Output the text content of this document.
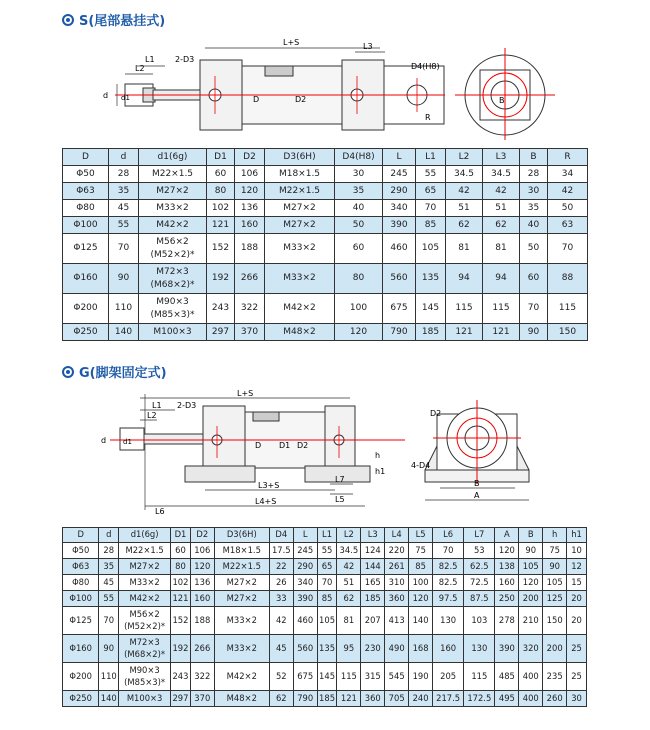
S(尾部悬挂式)
L+S
L1
L2
2-D3
L3
D4(H8)
d d1	D	D2
R
B
D	d	d1(6g)	D1	D2	D3(6H)	D4(H8)	L	L1	L2	L3	B	R

Φ50	28	M22×1.5	60	106	M18×1.5	30	245	55	34.5	34.5	28	34

Φ63	35	M27×2	80	120	M22×1.5	35	290	65	42	42	30	42

Φ80	45	M33×2	102	136	M27×2	40	340	70	51	51	35	50

Φ100	55	M42×2	121	160	M27×2	50	390	85	62	62	40	63

Φ125	70	M56×2
(M52×2)*	152	188	M33×2	60	460	105	81	81	50	70

Φ160	90	M72×3
(M68×2)*	192	266	M33×2	80	560	135	94	94	60	88

Φ200	110	M90×3
(M85×3)*	243	322	M42×2	100	675	145	115	115	70	115

Φ250	140	M100×3	297	370	M48×2	120	790	185	121	121	90	150
G(脚架固定式)
L+S
L1
L2
2-D3
d d1	D D1 D2
L3+S
L4+S
L6
L7
L5
h
h1
D2
4-D4
B
A
D	d	d1(6g)	D1	D2	D3(6H)	D4	L	L1	L2	L3	L4	L5	L6	L7	A	B	h	h1

Φ50	28	M22×1.5	60	106	M18×1.5	17.5	245	55	34.5	124	220	75	70	53	120	90	75	10

Φ63	35	M27×2	80	120	M22×1.5	22	290	65	42	144	261	85	82.5	62.5	138	105	90	12

Φ80	45	M33×2	102	136	M27×2	26	340	70	51	165	310	100	82.5	72.5	160	120	105	15

Φ100	55	M42×2	121	160	M27×2	33	390	85	62	185	360	120	97.5	87.5	250	200	125	20

Φ125	70	M56×2
(M52×2)*	152	188	M33×2	42	460	105	81	207	413	140	130	103	278	210	150	20

Φ160	90	M72×3
(M68×2)*	192	266	M33×2	45	560	135	95	230	490	168	160	130	390	320	200	25

Φ200	110	M90×3
(M85×3)*	243	322	M42×2	52	675	145	115	315	545	190	205	115	485	400	235	25

Φ250	140	M100×3	297	370	M48×2	62	790	185	121	360	705	240	217.5	172.5	495	400	260	30
